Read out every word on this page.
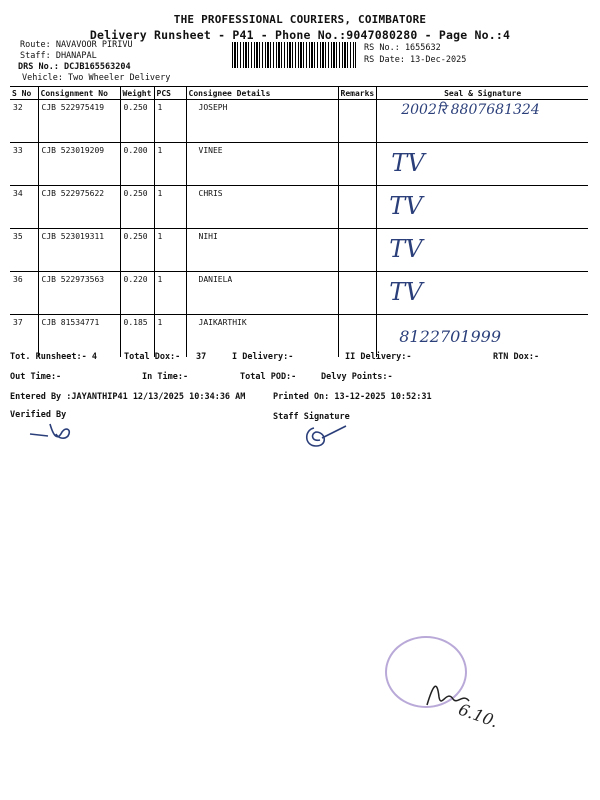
THE PROFESSIONAL COURIERS, COIMBATORE
Delivery Runsheet - P41 - Phone No.:9047080280 - Page No.:4
Route: NAVAVOOR PIRIVU
Staff: DHANAPAL
DRS No.: DCJB165563204
Vehicle: Two Wheeler Delivery
RS No.: 1655632
RS Date: 13-Dec-2025
S No	Consignment No	Weight	PCS	Consignee Details	Remarks	Seal & Signature
32	CJB 522975419	0.250	1	JOSEPH		2002रि 8807681324

33	CJB 523019209	0.200	1	VINEE		TV

34	CJB 522975622	0.250	1	CHRIS		TV

35	CJB 523019311	0.250	1	NIHI		TV

36	CJB 522973563	0.220	1	DANIELA		TV

37	CJB 81534771	0.185	1	JAIKARTHIK		8122701999
Tot. Runsheet:- 4	Total Dox:- 37	I Delivery:-	II Delivery:-	RTN Dox:-
Out Time:-	In Time:-	Total POD:-	Delvy Points:-
Entered By :JAYANTHIP41 12/13/2025 10:34:36 AM	Printed On: 13-12-2025 10:52:31
Verified By	Staff Signature
6.10.
